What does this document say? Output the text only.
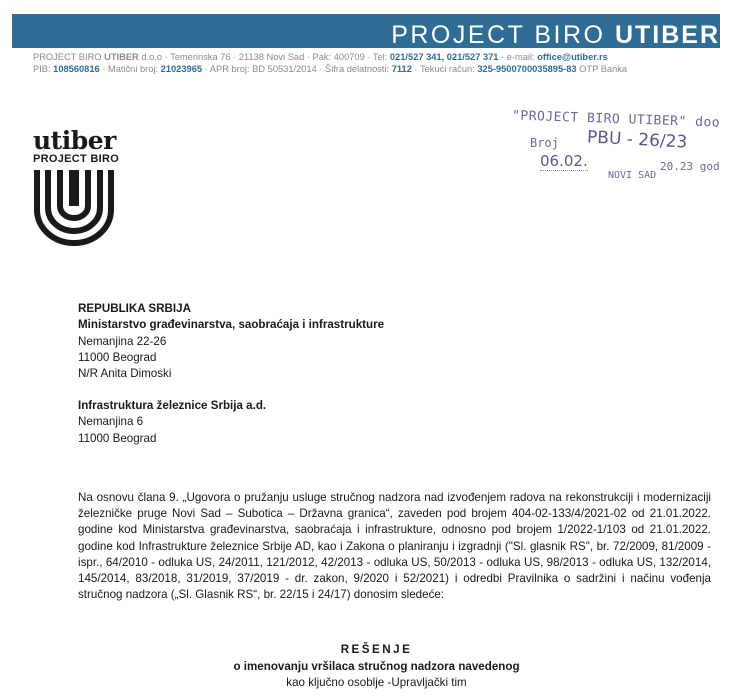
PROJECT BIRO UTIBER
PROJECT BIRO UTIBER d.o.o · Temerinska 76 · 21138 Novi Sad · Pak: 400709 · Tel: 021/527 341, 021/527 371 · e-mail: office@utiber.rs
PIB: 108560816 · Matični broj: 21023965 · APR broj: BD 50531/2014 · Šifra delatnosti: 7112 · Tekući račun: 325-9500700035895-83 OTP Banka
utiber
PROJECT BIRO
"PROJECT BIRO UTIBER" doo
Broj PBU - 26/23
06.02.	20.23 god
NOVI SAD
REPUBLIKA SRBIJA
Ministarstvo građevinarstva, saobraćaja i infrastrukture
Nemanjina 22-26
11000 Beograd
N/R Anita Dimoski
Infrastruktura železnice Srbija a.d.
Nemanjina 6
11000 Beograd
Na osnovu člana 9. „Ugovora o pružanju usluge stručnog nadzora nad izvođenjem radova na rekonstrukciji i modernizaciji železničke pruge Novi Sad – Subotica – Državna granica“, zaveden pod brojem 404-02-133/4/2021-02 od 21.01.2022. godine kod Ministarstva građevinarstva, saobraćaja i infrastrukture, odnosno pod brojem 1/2022-1/103 od 21.01.2022. godine kod Infrastrukture železnice Srbije AD, kao i Zakona o planiranju i izgradnji ("Sl. glasnik RS", br. 72/2009, 81/2009 - ispr., 64/2010 - odluka US, 24/2011, 121/2012, 42/2013 - odluka US, 50/2013 - odluka US, 98/2013 - odluka US, 132/2014, 145/2014, 83/2018, 31/2019, 37/2019 - dr. zakon, 9/2020 i 52/2021) i odredbi Pravilnika o sadržini i načinu vođenja stručnog nadzora („Sl. Glasnik RS“, br. 22/15 i 24/17) donosim sledeće:
REŠENJE
o imenovanju vršilaca stručnog nadzora navedenog
kao ključno osoblje -Upravljački tim
